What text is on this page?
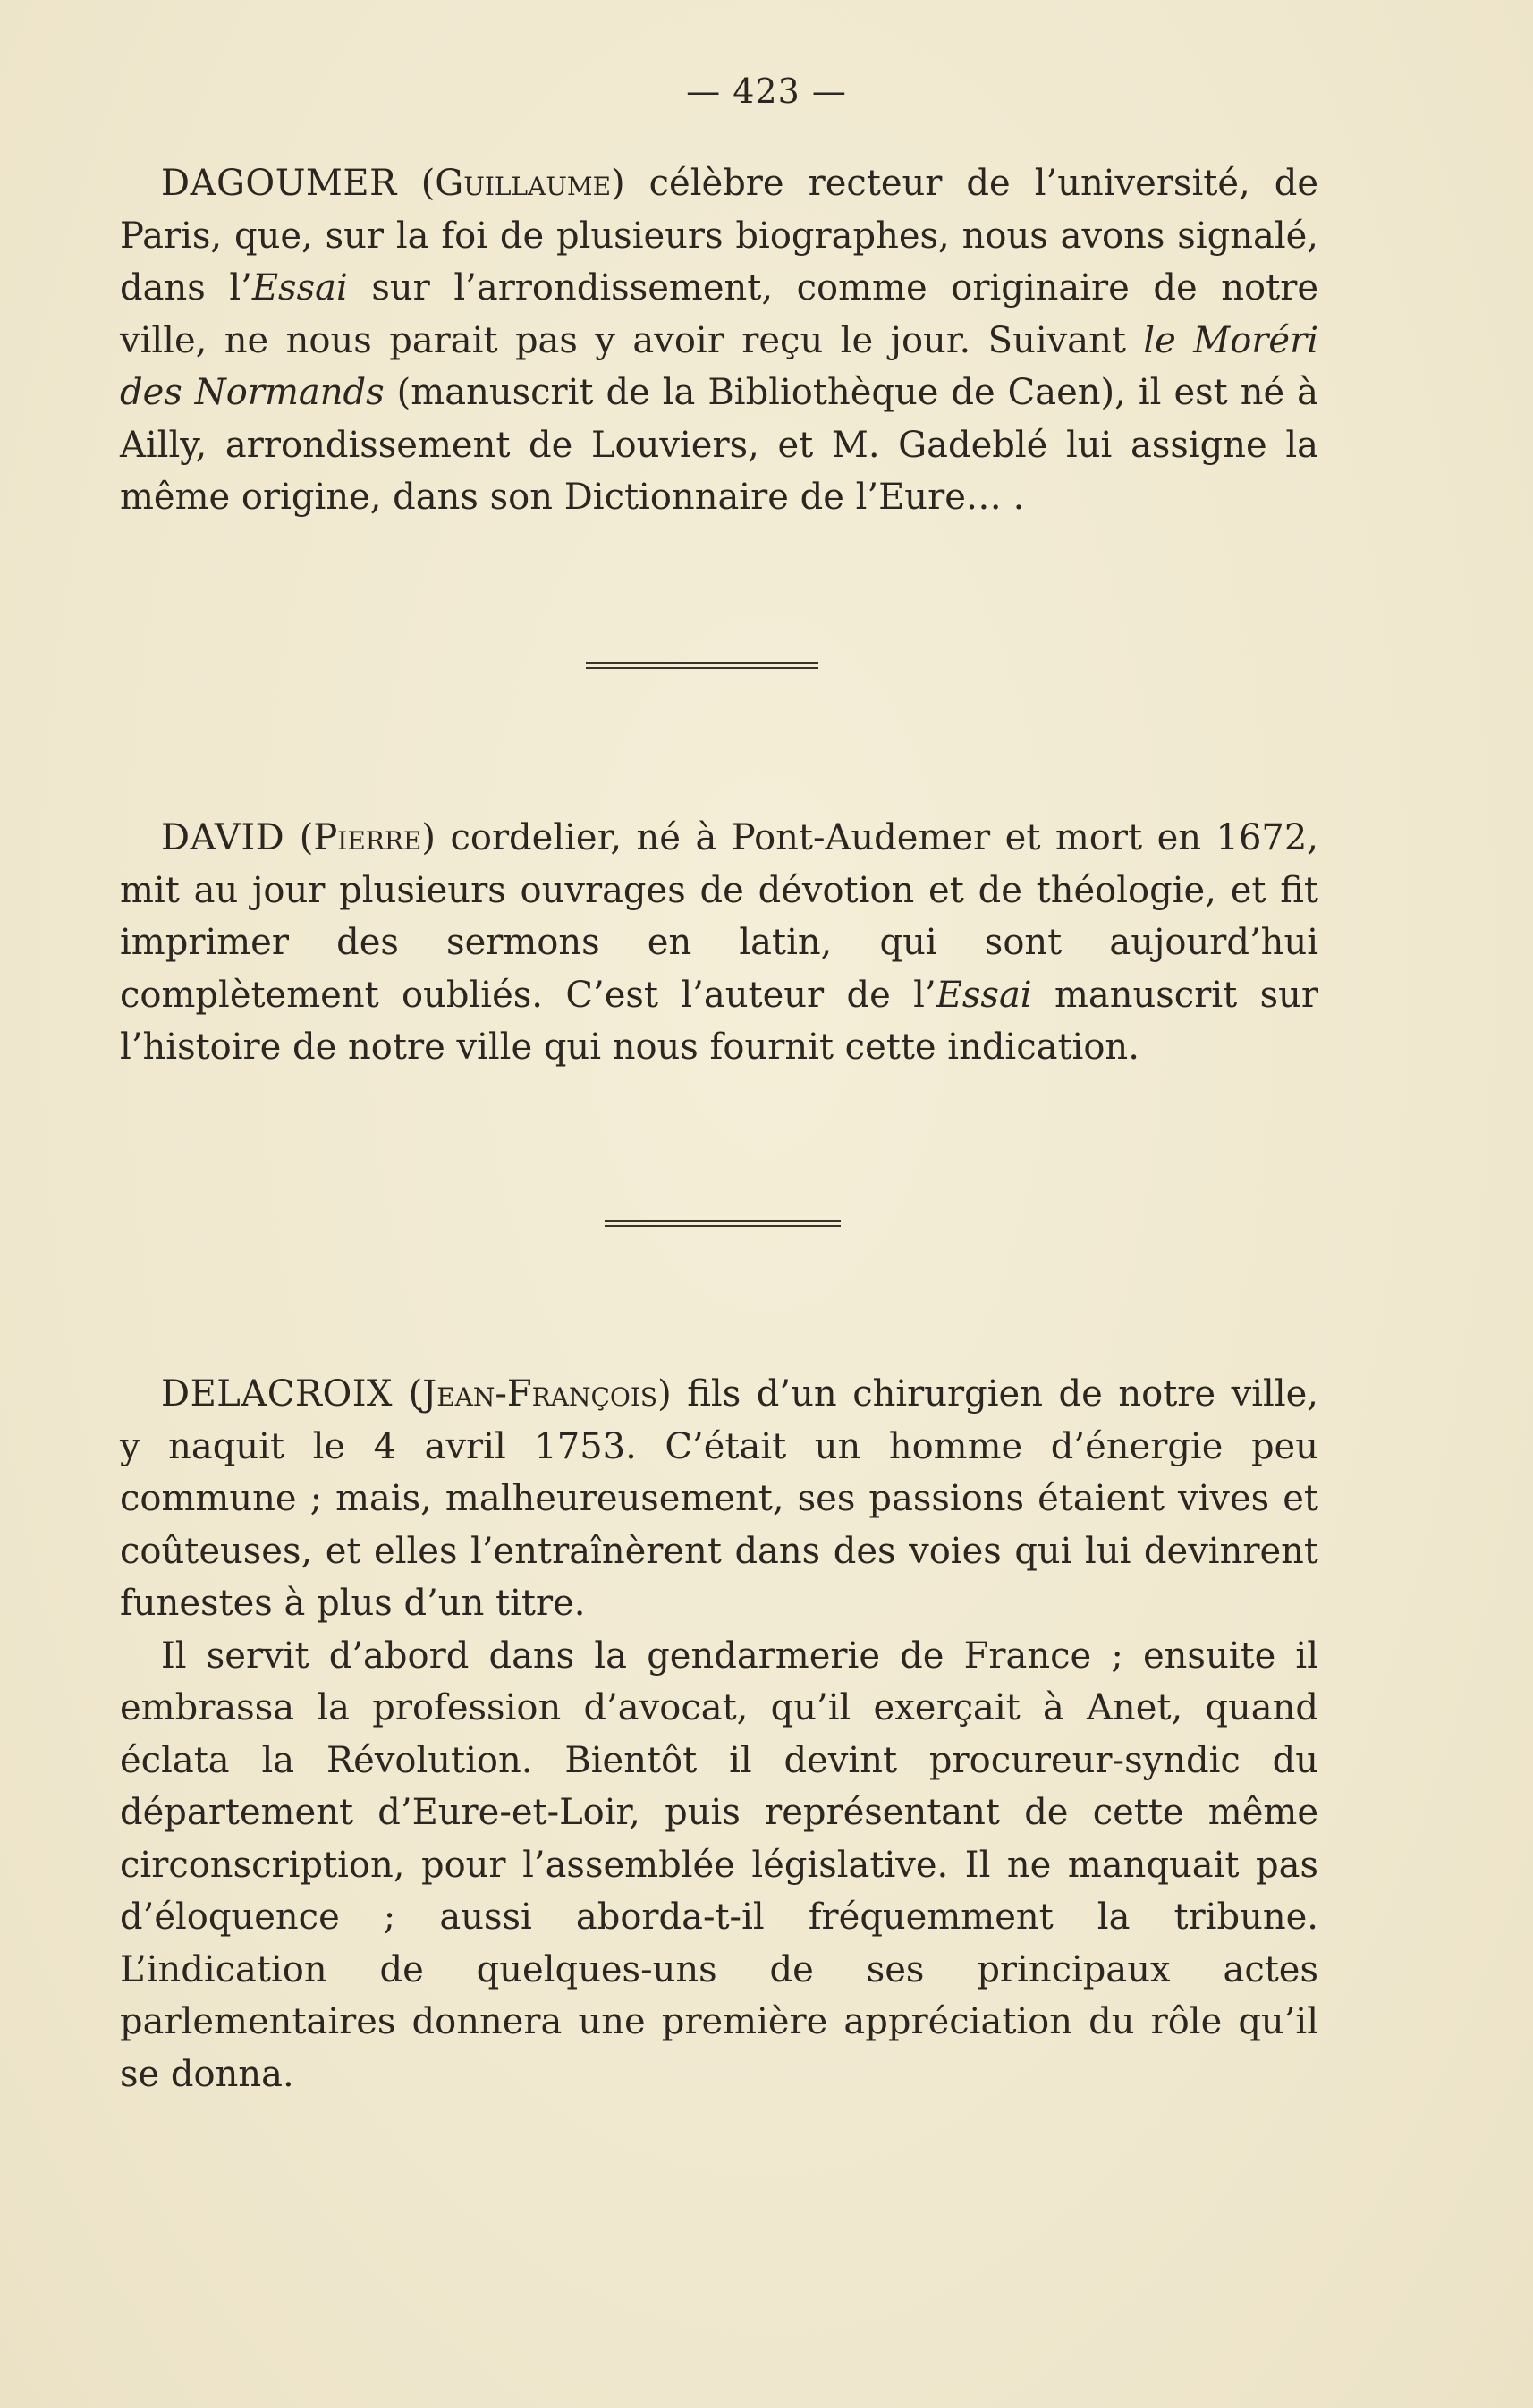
— 423 —

DAGOUMER (Guillaume) célèbre recteur de l’université, de Paris, que, sur la foi de plusieurs biographes, nous avons signalé, dans l’Essai sur l’arrondissement, comme originaire de notre ville, ne nous parait pas y avoir reçu le jour. Suivant le Moréri des Normands (manuscrit de la Bibliothèque de Caen), il est né à Ailly, arrondissement de Louviers, et M. Gadeblé lui assigne la même origine, dans son Dictionnaire de l’Eure… .

DAVID (Pierre) cordelier, né à Pont-Audemer et mort en 1672, mit au jour plusieurs ouvrages de dévotion et de théologie, et fit imprimer des sermons en latin, qui sont aujourd’hui complètement oubliés. C’est l’auteur de l’Essai manuscrit sur l’histoire de notre ville qui nous fournit cette indication.

DELACROIX (Jean-François) fils d’un chirurgien de notre ville, y naquit le 4 avril 1753. C’était un homme d’énergie peu commune ; mais, malheureusement, ses passions étaient vives et coûteuses, et elles l’entraînèrent dans des voies qui lui devinrent funestes à plus d’un titre.

Il servit d’abord dans la gendarmerie de France ; ensuite il embrassa la profession d’avocat, qu’il exerçait à Anet, quand éclata la Révolution. Bientôt il devint procureur-syndic du département d’Eure-et-Loir, puis représentant de cette même circonscription, pour l’assemblée législative. Il ne manquait pas d’éloquence ; aussi aborda-t-il fréquemment la tribune. L’indication de quelques-uns de ses principaux actes parlementaires donnera une première appréciation du rôle qu’il se donna.
